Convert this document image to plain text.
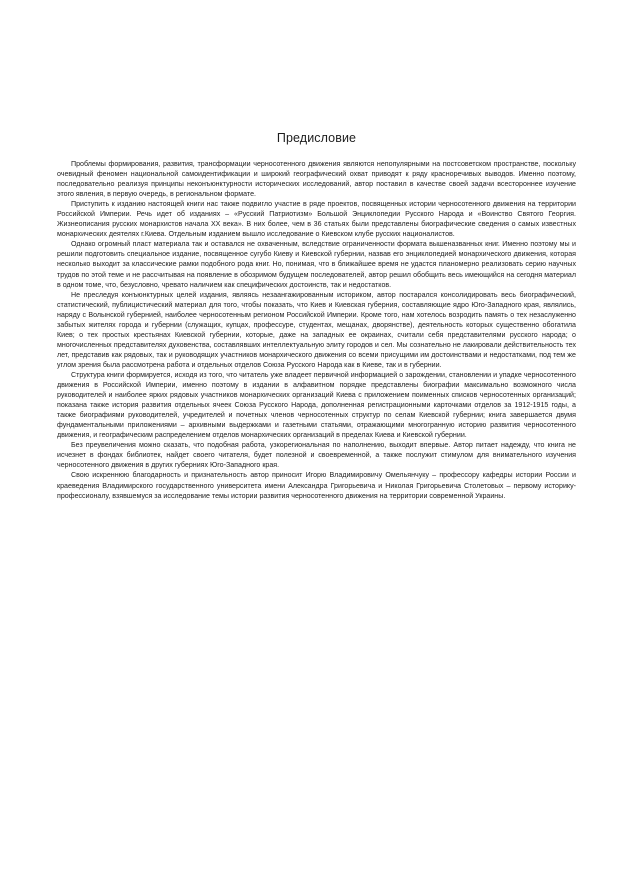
Предисловие

Проблемы формирования, развития, трансформации черносотенного движения являются непопулярными на постсоветском пространстве, поскольку очевидный феномен национальной самоидентификации и широкий географический охват приводят к ряду красноречивых выводов. Именно поэтому, последовательно реализуя принципы неконъюнктурности исторических исследований, автор поставил в качестве своей задачи всестороннее изучение этого явления, в первую очередь, в региональном формате.

Приступить к изданию настоящей книги нас также подвигло участие в ряде проектов, посвященных истории черносотенного движения на территории Российской Империи. Речь идет об изданиях – «Русский Патриотизм» Большой Энциклопедии Русского Народа и «Воинство Святого Георгия. Жизнеописания русских монархистов начала ХХ века». В них более, чем в 36 статьях были представлены биографические сведения о самых известных монархических деятелях г.Киева. Отдельным изданием вышло исследование о Киевском клубе русских националистов.

Однако огромный пласт материала так и оставался не охваченным, вследствие ограниченности формата вышеназванных книг. Именно поэтому мы и решили подготовить специальное издание, посвященное сугубо Киеву и Киевской губернии, назвав его энциклопедией монархического движения, которая несколько выходит за классические рамки подобного рода книг. Но, понимая, что в ближайшее время не удастся планомерно реализовать серию научных трудов по этой теме и не рассчитывая на появление в обозримом будущем последователей, автор решил обобщить весь имеющийся на сегодня материал в одном томе, что, безусловно, чревато наличием как специфических достоинств, так и недостатков.

Не преследуя конъюнктурных целей издания, являясь незаангажированным историком, автор постарался консолидировать весь биографический, статистический, публицистический материал для того, чтобы показать, что Киев и Киевская губерния, составляющие ядро Юго-Западного края, являлись, наряду с Волынской губернией, наиболее черносотенным регионом Российской Империи. Кроме того, нам хотелось возродить память о тех незаслуженно забытых жителях города и губернии (служащих, купцах, профессуре, студентах, мещанах, дворянстве), деятельность которых существенно обогатила Киев; о тех простых крестьянах Киевской губернии, которые, даже на западных ее окраинах, считали себя представителями русского народа; о многочисленных представителях духовенства, составлявших интеллектуальную элиту городов и сел. Мы сознательно не лакировали действительность тех лет, представив как рядовых, так и руководящих участников монархического движения со всеми присущими им достоинствами и недостатками, под тем же углом зрения была рассмотрена работа и отдельных отделов Союза Русского Народа как в Киеве, так и в губернии.

Структура книги формируется, исходя из того, что читатель уже владеет первичной информацией о зарождении, становлении и упадке черносотенного движения в Российской Империи, именно поэтому в издании в алфавитном порядке представлены биографии максимально возможного числа руководителей и наиболее ярких рядовых участников монархических организаций Киева с приложением поименных списков черносотенных организаций; показана также история развития отдельных ячеек Союза Русского Народа, дополненная регистрационными карточками отделов за 1912-1915 годы, а также биографиями руководителей, учредителей и почетных членов черносотенных структур по селам Киевской губернии; книга завершается двумя фундаментальными приложениями – архивными выдержками и газетными статьями, отражающими многогранную историю развития черносотенного движения, и географическим распределением отделов монархических организаций в пределах Киева и Киевской губернии.

Без преувеличения можно сказать, что подобная работа, узкорегиональная по наполнению, выходит впервые. Автор питает надежду, что книга не исчезнет в фондах библиотек, найдет своего читателя, будет полезной и своевременной, а также послужит стимулом для внимательного изучения черносотенного движения в других губерниях Юго-Западного края.

Свою искреннюю благодарность и признательность автор приносит Игорю Владимировичу Омельянчуку – профессору кафедры истории России и краеведения Владимирского государственного университета имени Александра Григорьевича и Николая Григорьевича Столетовых – первому историку-профессионалу, взявшемуся за исследование темы истории развития черносотенного движения на территории современной Украины.
